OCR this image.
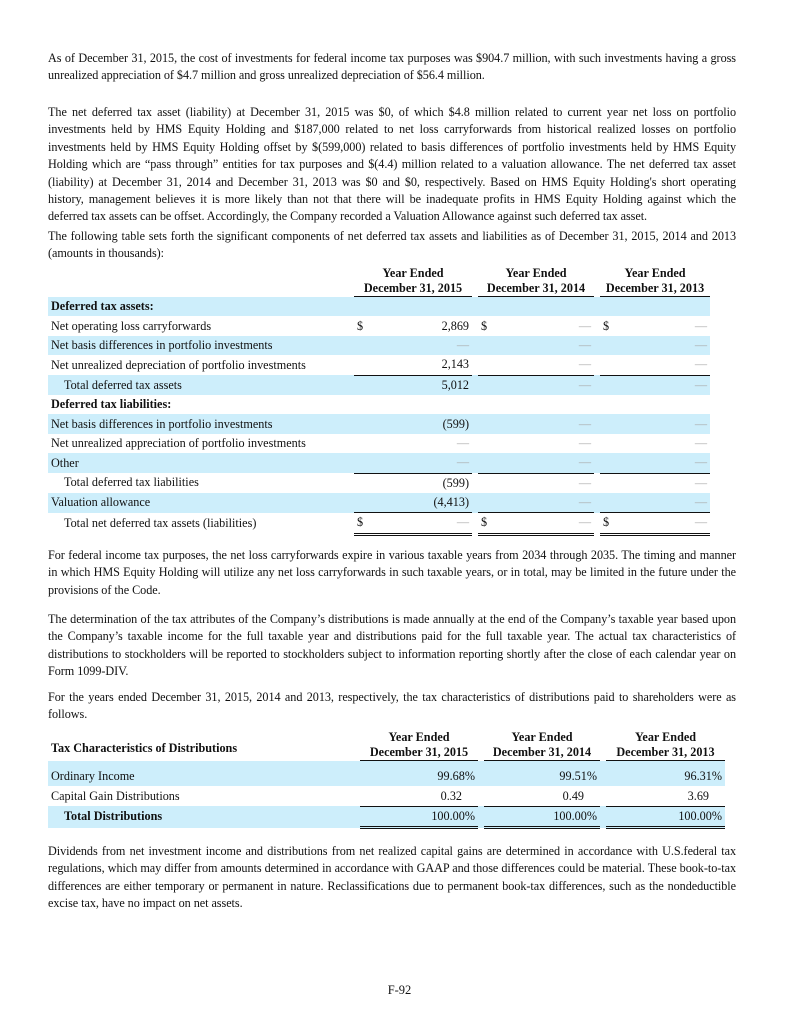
As of December 31, 2015, the cost of investments for federal income tax purposes was $904.7 million, with such investments having a gross unrealized appreciation of $4.7 million and gross unrealized depreciation of $56.4 million.

The net deferred tax asset (liability) at December 31, 2015 was $0, of which $4.8 million related to current year net loss on portfolio investments held by HMS Equity Holding and $187,000 related to net loss carryforwards from historical realized losses on portfolio investments held by HMS Equity Holding offset by $(599,000) related to basis differences of portfolio investments held by HMS Equity Holding which are “pass through” entities for tax purposes and $(4.4) million related to a valuation allowance. The net deferred tax asset (liability) at December 31, 2014 and December 31, 2013 was $0 and $0, respectively. Based on HMS Equity Holding's short operating history, management believes it is more likely than not that there will be inadequate profits in HMS Equity Holding against which the deferred tax assets can be offset. Accordingly, the Company recorded a Valuation Allowance against such deferred tax asset.

The following table sets forth the significant components of net deferred tax assets and liabilities as of December 31, 2015, 2014 and 2013 (amounts in thousands):

	Year Ended
December 31, 2015			Year Ended
December 31, 2014			Year Ended
December 31, 2013	

Deferred tax assets:								
Net operating loss carryforwards	$	2,869		$	—		$	—
Net basis differences in portfolio investments		—			—			—
Net unrealized depreciation of portfolio investments		2,143			—			—
Total deferred tax assets		5,012			—			—
Deferred tax liabilities:								
Net basis differences in portfolio investments		(599)			—			—
Net unrealized appreciation of portfolio investments		—			—			—
Other		—			—			—
Total deferred tax liabilities		(599)			—			—
Valuation allowance		(4,413)			—			—
Total net deferred tax assets (liabilities)	$	—		$	—		$	—

For federal income tax purposes, the net loss carryforwards expire in various taxable years from 2034 through 2035. The timing and manner in which HMS Equity Holding will utilize any net loss carryforwards in such taxable years, or in total, may be limited in the future under the provisions of the Code.

The determination of the tax attributes of the Company’s distributions is made annually at the end of the Company’s taxable year based upon the Company’s taxable income for the full taxable year and distributions paid for the full taxable year. The actual tax characteristics of distributions to stockholders will be reported to stockholders subject to information reporting shortly after the close of each calendar year on Form 1099-DIV.

For the years ended December 31, 2015, 2014 and 2013, respectively, the tax characteristics of distributions paid to shareholders were as follows.

Tax Characteristics of Distributions	Year Ended
December 31, 2015		Year Ended
December 31, 2014		Year Ended
December 31, 2013

Ordinary Income	99.68%		99.51%		96.31%
Capital Gain Distributions	0.32		0.49		3.69
Total Distributions	100.00%		100.00%		100.00%

Dividends from net investment income and distributions from net realized capital gains are determined in accordance with U.S.federal tax regulations, which may differ from amounts determined in accordance with GAAP and those differences could be material. These book-to-tax differences are either temporary or permanent in nature. Reclassifications due to permanent book-tax differences, such as the nondeductible excise tax, have no impact on net assets.

F-92
